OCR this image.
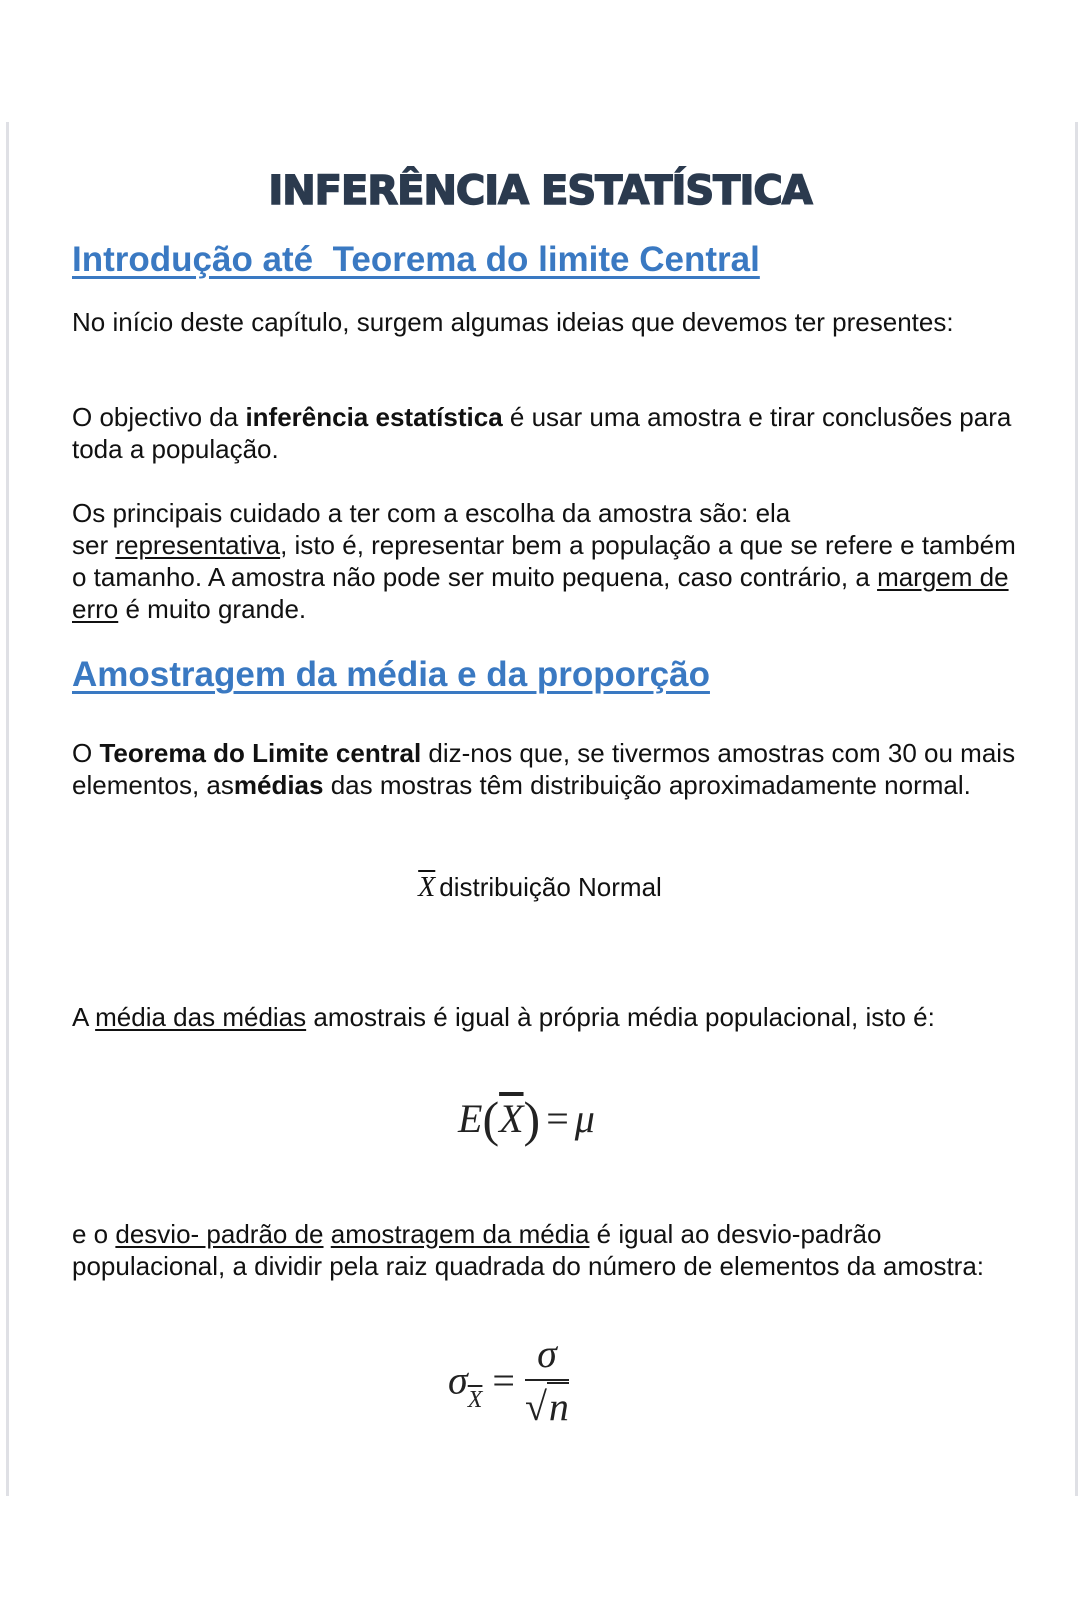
INFERÊNCIA ESTATÍSTICA
Introdução até  Teorema do limite Central
No início deste capítulo, surgem algumas ideias que devemos ter presentes:
O objectivo da inferência estatística é usar uma amostra e tirar conclusões para toda a população.
Os principais cuidado a ter com a escolha da amostra são: ela
ser representativa, isto é, representar bem a população a que se refere e também o tamanho. A amostra não pode ser muito pequena, caso contrário, a margem de erro é muito grande.
Amostragem da média e da proporção
O Teorema do Limite central diz-nos que, se tivermos amostras com 30 ou mais elementos, asmédias das mostras têm distribuição aproximadamente normal.
$\overline{X}$ distribuição Normal
A média das médias amostrais é igual à própria média populacional, isto é:
$E(\overline{X}) = \mu$
e o desvio- padrão de amostragem da média é igual ao desvio-padrão populacional, a dividir pela raiz quadrada do número de elementos da amostra:
$\sigma_{\overline{X}} = \frac{\sigma}{√n}$
